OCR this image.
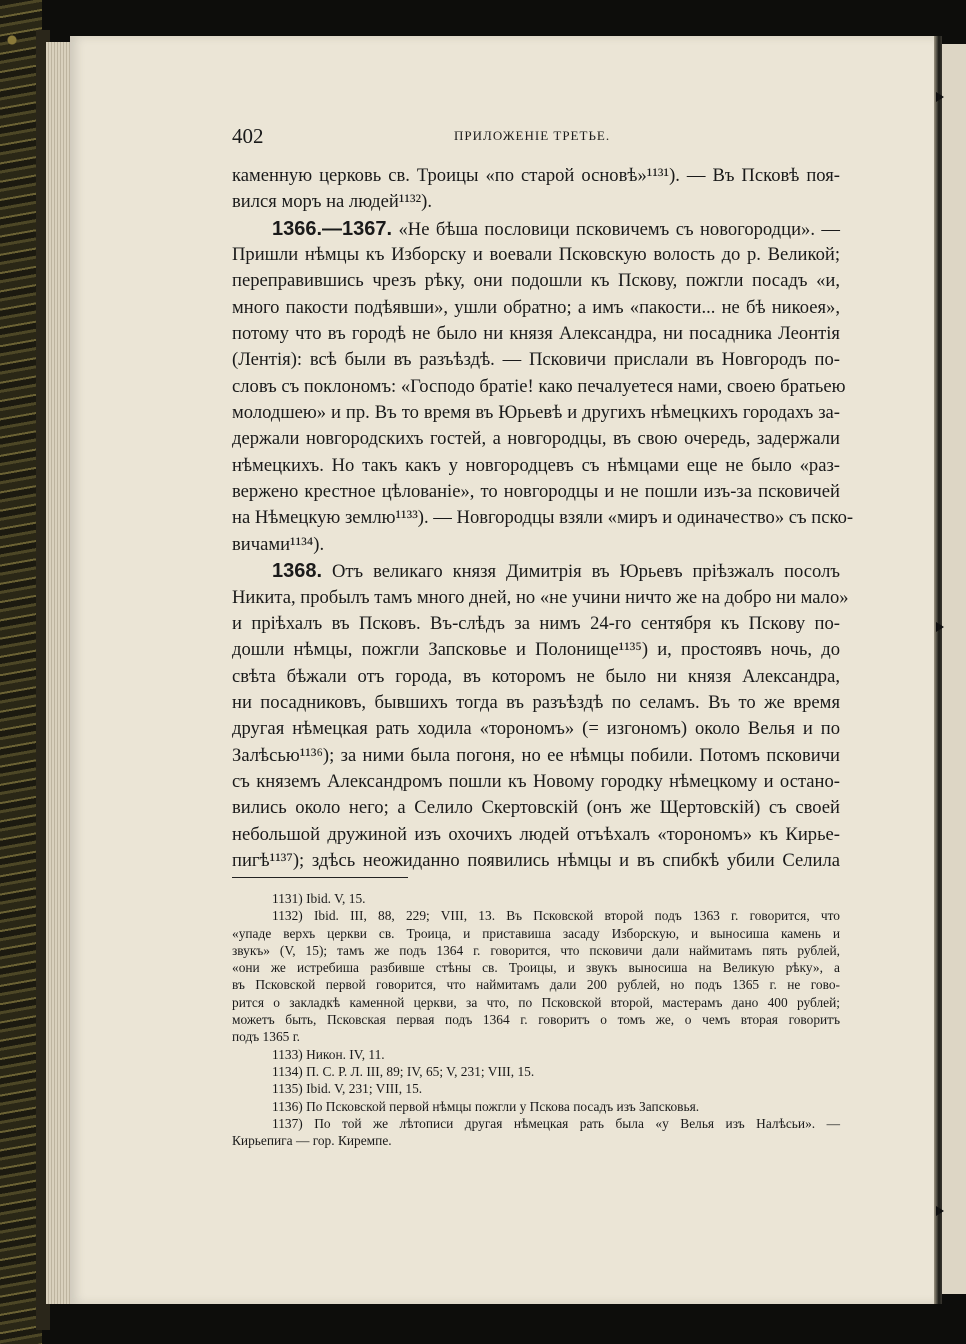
402	ПРИЛОЖЕНІЕ ТРЕТЬЕ.
каменную церковь св. Троицы «по старой основѣ»¹¹³¹). — Въ Псковѣ поя-
вился моръ на людей¹¹³²).
1366.—1367. «Не бѣша пословици псковичемъ съ новогородци». —
Пришли нѣмцы къ Изборску и воевали Псковскую волость до р. Великой;
переправившись чрезъ рѣку, они подошли къ Пскову, пожгли посадъ «и,
много пакости подѣявши», ушли обратно; а имъ «пакости... не бѣ никоея»,
потому что въ городѣ не было ни князя Александра, ни посадника Леонтія
(Лентія): всѣ были въ разъѣздѣ. — Псковичи прислали въ Новгородъ по-
словъ съ поклономъ: «Господо братіе! како печалуетеся нами, своею братьею
молодшею» и пр. Въ то время въ Юрьевѣ и другихъ нѣмецкихъ городахъ за-
держали новгородскихъ гостей, а новгородцы, въ свою очередь, задержали
нѣмецкихъ. Но такъ какъ у новгородцевъ съ нѣмцами еще не было «раз-
вержено крестное цѣлованіе», то новгородцы и не пошли изъ-за псковичей
на Нѣмецкую землю¹¹³³). — Новгородцы взяли «миръ и одиначество» съ пско-
вичами¹¹³⁴).
1368. Отъ великаго князя Димитрія въ Юрьевъ пріѣзжалъ посолъ
Никита, пробылъ тамъ много дней, но «не учини ничто же на добро ни мало»
и пріѣхалъ въ Псковъ. Въ-слѣдъ за нимъ 24-го сентября къ Пскову по-
дошли нѣмцы, пожгли Запсковье и Полонище¹¹³⁵) и, простоявъ ночь, до
свѣта бѣжали отъ города, въ которомъ не было ни князя Александра,
ни посадниковъ, бывшихъ тогда въ разъѣздѣ по селамъ. Въ то же время
другая нѣмецкая рать ходила «торономъ» (= изгономъ) около Велья и по
Залѣсью¹¹³⁶); за ними была погоня, но ее нѣмцы побили. Потомъ псковичи
съ княземъ Александромъ пошли къ Новому городку нѣмецкому и остано-
вились около него; а Селило Скертовскій (онъ же Щертовскій) съ своей
небольшой дружиной изъ охочихъ людей отъѣхалъ «торономъ» къ Кирье-
пигѣ¹¹³⁷); здѣсь неожиданно появились нѣмцы и въ спибкѣ убили Селила
1131) Ibid. V, 15.
1132) Ibid. III, 88, 229; VIII, 13. Въ Псковской второй подъ 1363 г. говорится, что
«упаде верхъ церкви св. Троица, и приставиша засаду Изборскую, и выносиша камень и
звукъ» (V, 15); тамъ же подъ 1364 г. говорится, что псковичи дали наймитамъ пять рублей,
«они же истребиша разбивше стѣны св. Троицы, и звукъ выносиша на Великую рѣку», а
въ Псковской первой говорится, что наймитамъ дали 200 рублей, но подъ 1365 г. не гово-
рится о закладкѣ каменной церкви, за что, по Псковской второй, мастерамъ дано 400 рублей;
можетъ быть, Псковская первая подъ 1364 г. говоритъ о томъ же, о чемъ вторая говоритъ
подъ 1365 г.
1133) Никон. IV, 11.
1134) П. С. Р. Л. III, 89; IV, 65; V, 231; VIII, 15.
1135) Ibid. V, 231; VIII, 15.
1136) По Псковской первой нѣмцы пожгли у Пскова посадъ изъ Запсковья.
1137) По той же лѣтописи другая нѣмецкая рать была «у Велья изъ Налѣсьи». —
Кирьепига — гор. Киремпе.
